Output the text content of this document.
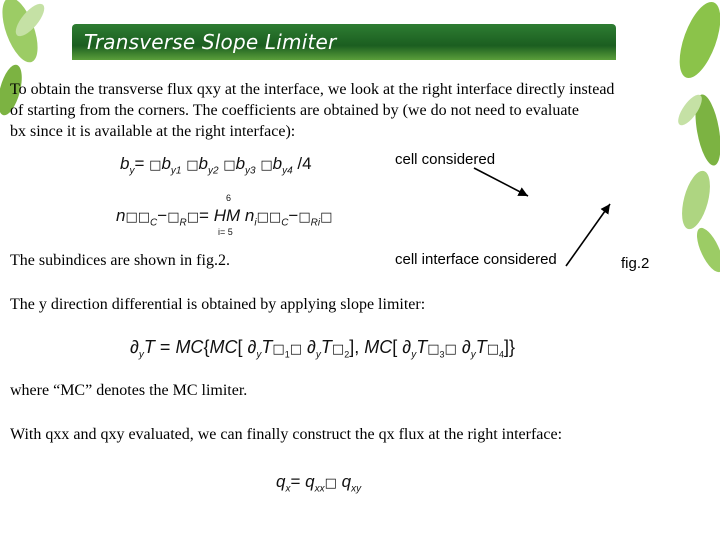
Transverse Slope Limiter
To obtain the transverse flux qxy at the interface, we look at the right interface directly instead
of starting from the corners. The coefficients are obtained by (we do not need to evaluate
bx since it is available at the right interface):
$b_y=$ $□b_{y1}$ $□b_{y2}$ $□b_{y3}$ $□b_{y4}$ /4
6
$n□□_C-□_R□=$ HM $n_i□□_C-□_{Ri}□$
i= 5
cell considered
cell interface considered	fig.2
The subindices are shown in fig.2.
The y direction differential is obtained by applying slope limiter:
$\partial_yT = MC\{MC$[ $\partial_yT□_1□$ $\partial_yT□_2$], MC[ $\partial_yT□_3□$ $\partial_yT□_4$]}
where “MC” denotes the MC limiter.
With qxx and qxy evaluated, we can finally construct the qx flux at the right interface:
$q_x=$ $q_{xx}□$ $q_{xy}$
